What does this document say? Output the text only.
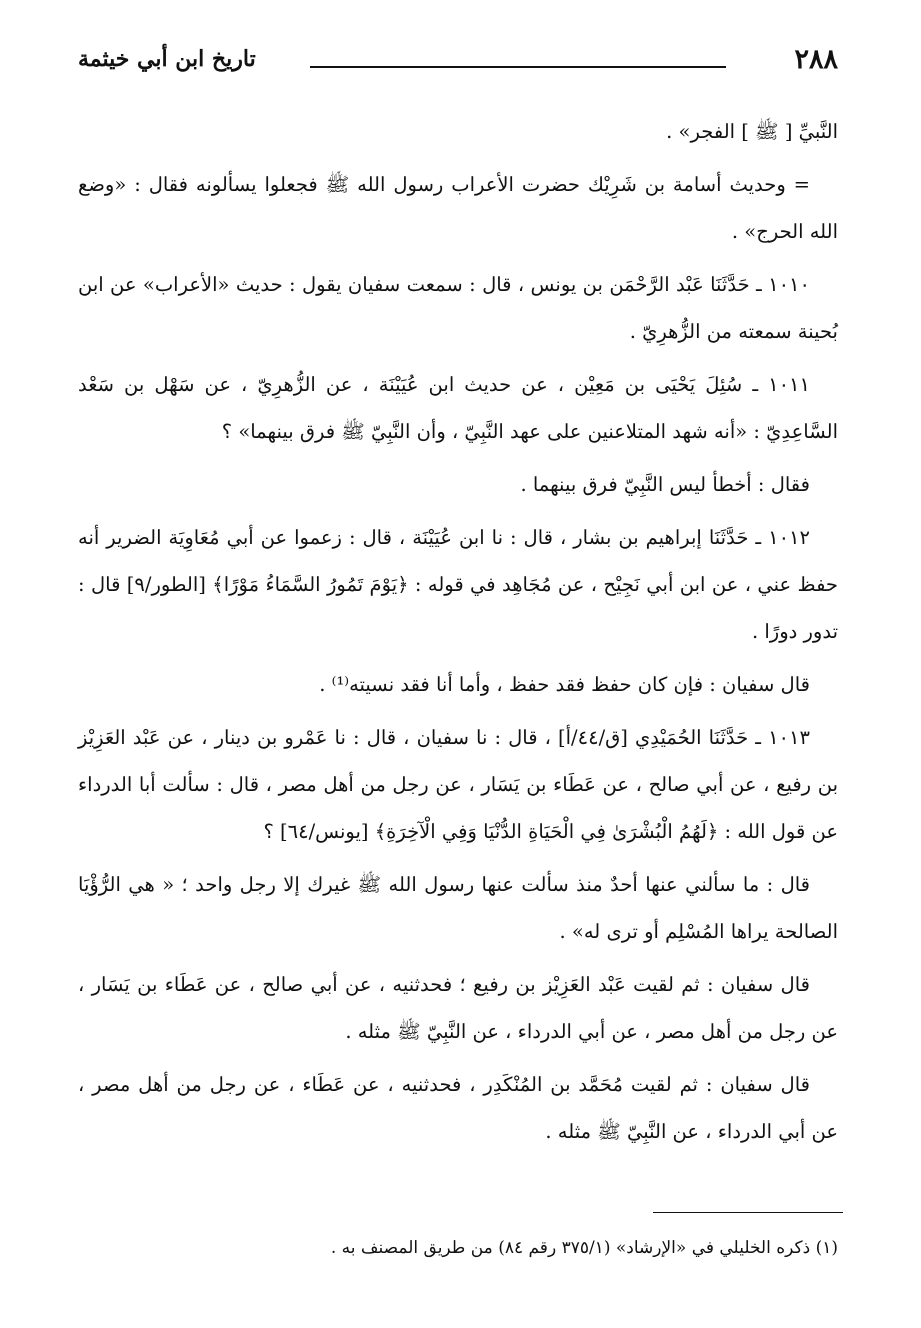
٢٨٨
تاريخ ابن أبي خيثمة

النَّبيِّ [ ﷺ ] الفجر» .

= وحديث أسامة بن شَرِيْك حضرت الأعراب رسول الله ﷺ فجعلوا يسألونه فقال : «وضع الله الحرج» .

١٠١٠ ـ حَدَّثَنَا عَبْد الرَّحْمَن بن يونس ، قال : سمعت سفيان يقول : حديث «الأعراب» عن ابن بُحينة سمعته من الزُّهرِيّ .

١٠١١ ـ سُئِلَ يَحْيَى بن مَعِيْن ، عن حديث ابن عُيَيْنَة ، عن الزُّهرِيّ ، عن سَهْل بن سَعْد السَّاعِدِيّ : «أنه شهد المتلاعنين على عهد النَّبِيّ ، وأن النَّبِيّ ﷺ فرق بينهما» ؟

فقال : أخطأ ليس النَّبِيّ فرق بينهما .

١٠١٢ ـ حَدَّثَنَا إبراهيم بن بشار ، قال : نا ابن عُيَيْنَة ، قال : زعموا عن أبي مُعَاوِيَة الضرير أنه حفظ عني ، عن ابن أبي نَجِيْح ، عن مُجَاهِد في قوله : ﴿يَوْمَ تَمُورُ السَّمَاءُ مَوْرًا﴾ [الطور/٩] قال : تدور دورًا .

قال سفيان : فإن كان حفظ فقد حفظ ، وأما أنا فقد نسيته⁽¹⁾ .

١٠١٣ ـ حَدَّثَنَا الحُمَيْدِي [ق/٤٤/أ] ، قال : نا سفيان ، قال : نا عَمْرو بن دينار ، عن عَبْد العَزِيْز بن رفيع ، عن أبي صالح ، عن عَطَاء بن يَسَار ، عن رجل من أهل مصر ، قال : سألت أبا الدرداء عن قول الله : ﴿لَهُمُ الْبُشْرَىٰ فِي الْحَيَاةِ الدُّنْيَا وَفِي الْآخِرَةِ﴾ [يونس/٦٤] ؟

قال : ما سألني عنها أحدٌ منذ سألت عنها رسول الله ﷺ غيرك إلا رجل واحد ؛ « هي الرُّؤْيَا الصالحة يراها المُسْلِم أو ترى له» .

قال سفيان : ثم لقيت عَبْد العَزِيْز بن رفيع ؛ فحدثنيه ، عن أبي صالح ، عن عَطَاء بن يَسَار ، عن رجل من أهل مصر ، عن أبي الدرداء ، عن النَّبِيّ ﷺ مثله .

قال سفيان : ثم لقيت مُحَمَّد بن المُنْكَدِر ، فحدثنيه ، عن عَطَاء ، عن رجل من أهل مصر ، عن أبي الدرداء ، عن النَّبِيّ ﷺ مثله .

(١) ذكره الخليلي في «الإرشاد» (٣٧٥/١ رقم ٨٤) من طريق المصنف به .
